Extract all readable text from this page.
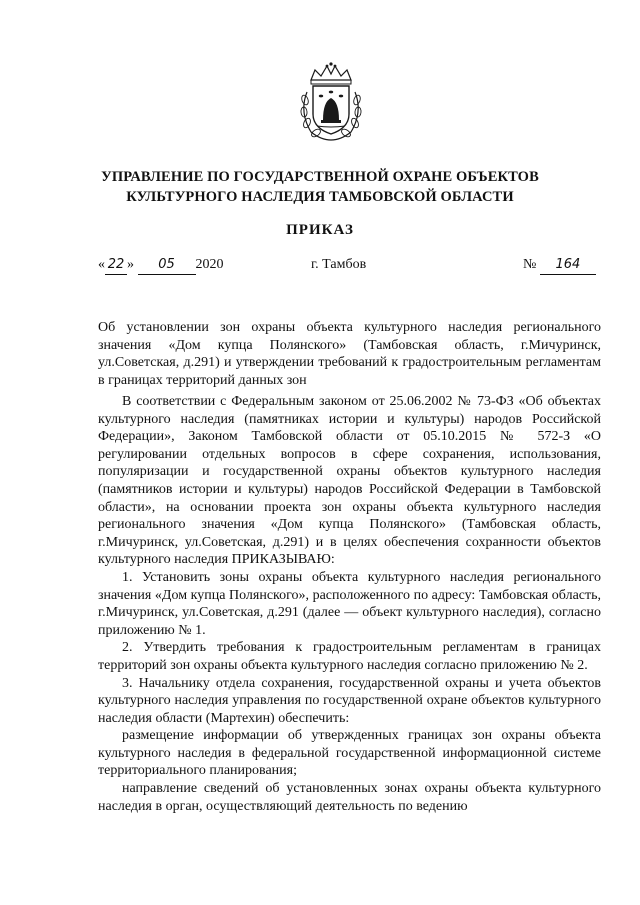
УПРАВЛЕНИЕ ПО ГОСУДАРСТВЕННОЙ ОХРАНЕ ОБЪЕКТОВ
КУЛЬТУРНОГО НАСЛЕДИЯ ТАМБОВСКОЙ ОБЛАСТИ
ПРИКАЗ
« 22 » 05 2020	г. Тамбов	№ 164
Об установлении зон охраны объекта культурного наследия регионального значения «Дом купца Полянского» (Тамбовская область, г.Мичуринск, ул.Советская, д.291) и утверждении требований к градостроительным регламентам в границах территорий данных зон

В соответствии с Федеральным законом от 25.06.2002 № 73-ФЗ «Об объектах культурного наследия (памятниках истории и культуры) народов Российской Федерации», Законом Тамбовской области от 05.10.2015 № 572-З «О регулировании отдельных вопросов в сфере сохранения, использования, популяризации и государственной охраны объектов культурного наследия (памятников истории и культуры) народов Российской Федерации в Тамбовской области», на основании проекта зон охраны объекта культурного наследия регионального значения «Дом купца Полянского» (Тамбовская область, г.Мичуринск, ул.Советская, д.291) и в целях обеспечения сохранности объектов культурного наследия ПРИКАЗЫВАЮ:

1. Установить зоны охраны объекта культурного наследия регионального значения «Дом купца Полянского», расположенного по адресу: Тамбовская область, г.Мичуринск, ул.Советская, д.291 (далее — объект культурного наследия), согласно приложению № 1.

2. Утвердить требования к градостроительным регламентам в границах территорий зон охраны объекта культурного наследия согласно приложению № 2.

3. Начальнику отдела сохранения, государственной охраны и учета объектов культурного наследия управления по государственной охране объектов культурного наследия области (Мартехин) обеспечить:

размещение информации об утвержденных границах зон охраны объекта культурного наследия в федеральной государственной информационной системе территориального планирования;

направление сведений об установленных зонах охраны объекта культурного наследия в орган, осуществляющий деятельность по ведению
